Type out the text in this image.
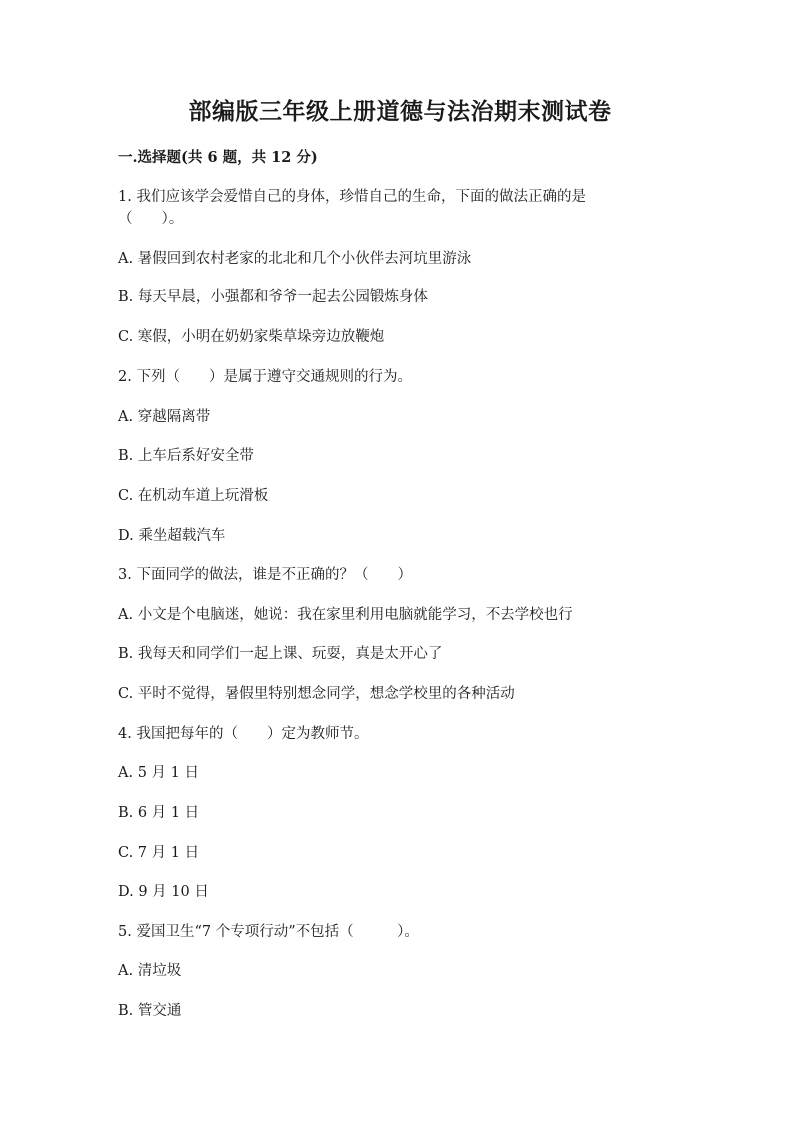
部编版三年级上册道德与法治期末测试卷
一.选择题(共 6 题，共 12 分)
1. 我们应该学会爱惜自己的身体，珍惜自己的生命，下面的做法正确的是
（　　）。
A. 暑假回到农村老家的北北和几个小伙伴去河坑里游泳
B. 每天早晨，小强都和爷爷一起去公园锻炼身体
C. 寒假，小明在奶奶家柴草垛旁边放鞭炮
2. 下列（　　）是属于遵守交通规则的行为。
A. 穿越隔离带
B. 上车后系好安全带
C. 在机动车道上玩滑板
D. 乘坐超载汽车
3. 下面同学的做法，谁是不正确的？（　　）
A. 小文是个电脑迷，她说：我在家里利用电脑就能学习，不去学校也行
B. 我每天和同学们一起上课、玩耍，真是太开心了
C. 平时不觉得，暑假里特别想念同学，想念学校里的各种活动
4. 我国把每年的（　　）定为教师节。
A. 5 月 1 日
B. 6 月 1 日
C. 7 月 1 日
D. 9 月 10 日
5. 爱国卫生“7 个专项行动”不包括（　　　）。
A. 清垃圾
B. 管交通
